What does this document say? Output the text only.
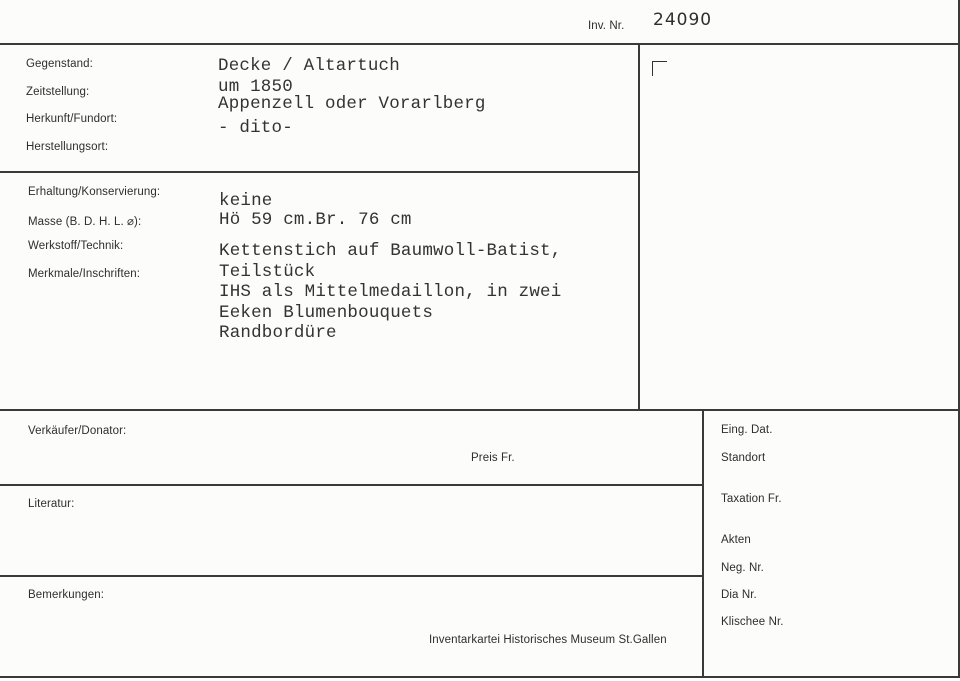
Inv. Nr. 24090
Gegenstand:
Zeitstellung:
Herkunft/Fundort:
Herstellungsort:
Decke / Altartuch
um 1850
Appenzell oder Vorarlberg
- dito-
Erhaltung/Konservierung:
Masse (B. D. H. L. ⌀):
Werkstoff/Technik:
Merkmale/Inschriften:
keine
Hö 59 cm.Br. 76 cm
Kettenstich auf Baumwoll-Batist,
Teilstück
IHS als Mittelmedaillon, in zwei
Eeken Blumenbouquets
Randbordüre
Verkäufer/Donator:
Preis Fr.
Literatur:
Bemerkungen:
Inventarkartei Historisches Museum St.Gallen
Eing. Dat.
Standort
Taxation Fr.
Akten
Neg. Nr.
Dia Nr.
Klischee Nr.
